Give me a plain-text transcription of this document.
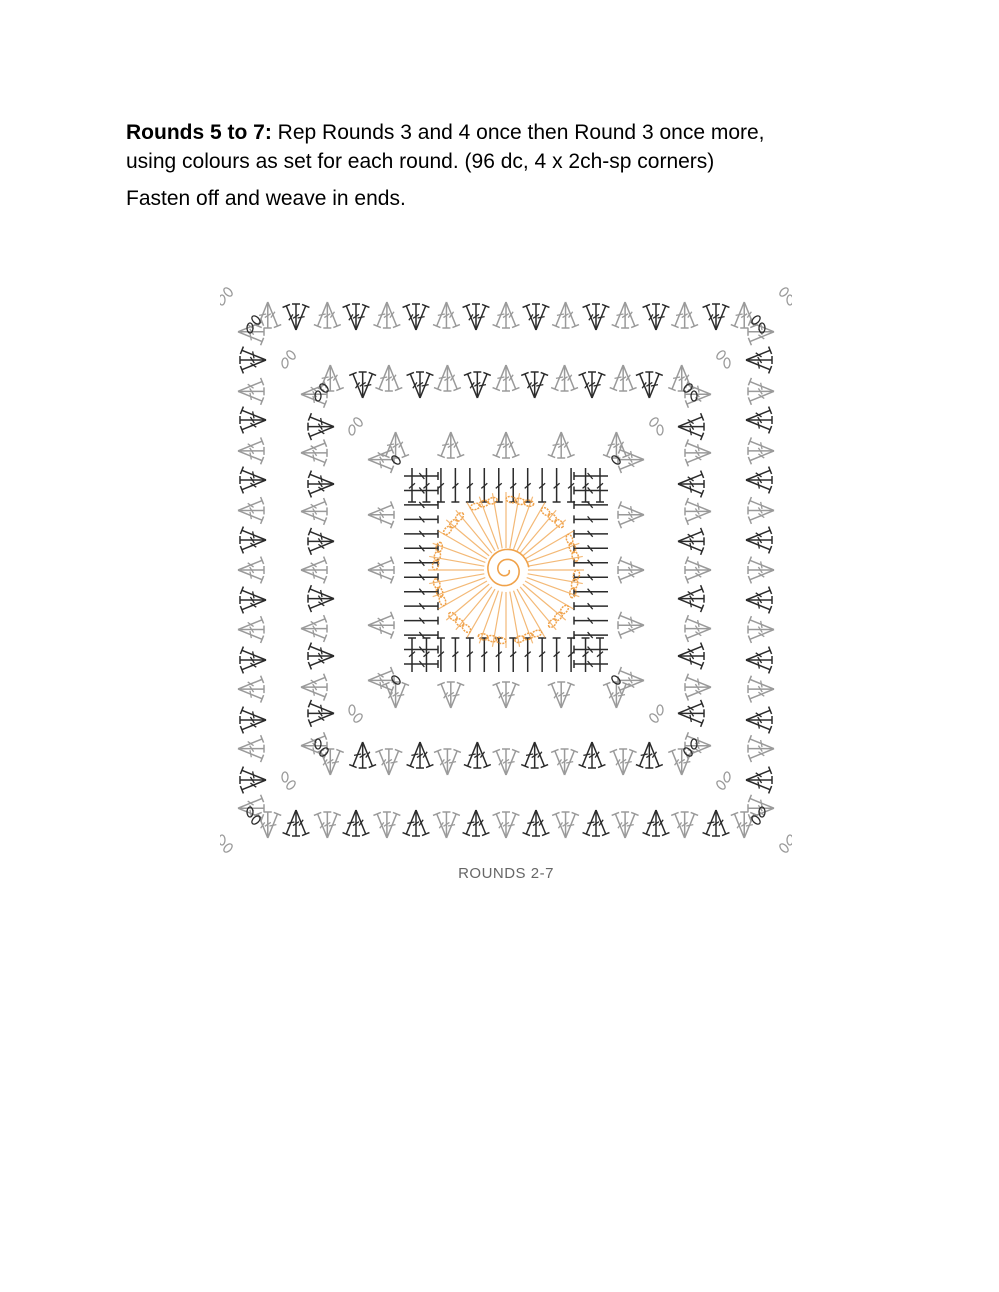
Rounds 5 to 7: Rep Rounds 3 and 4 once then Round 3 once more,

using colours as set for each round. (96 dc, 4 x 2ch-sp corners)

Fasten off and weave in ends.

ROUNDS 2-7
